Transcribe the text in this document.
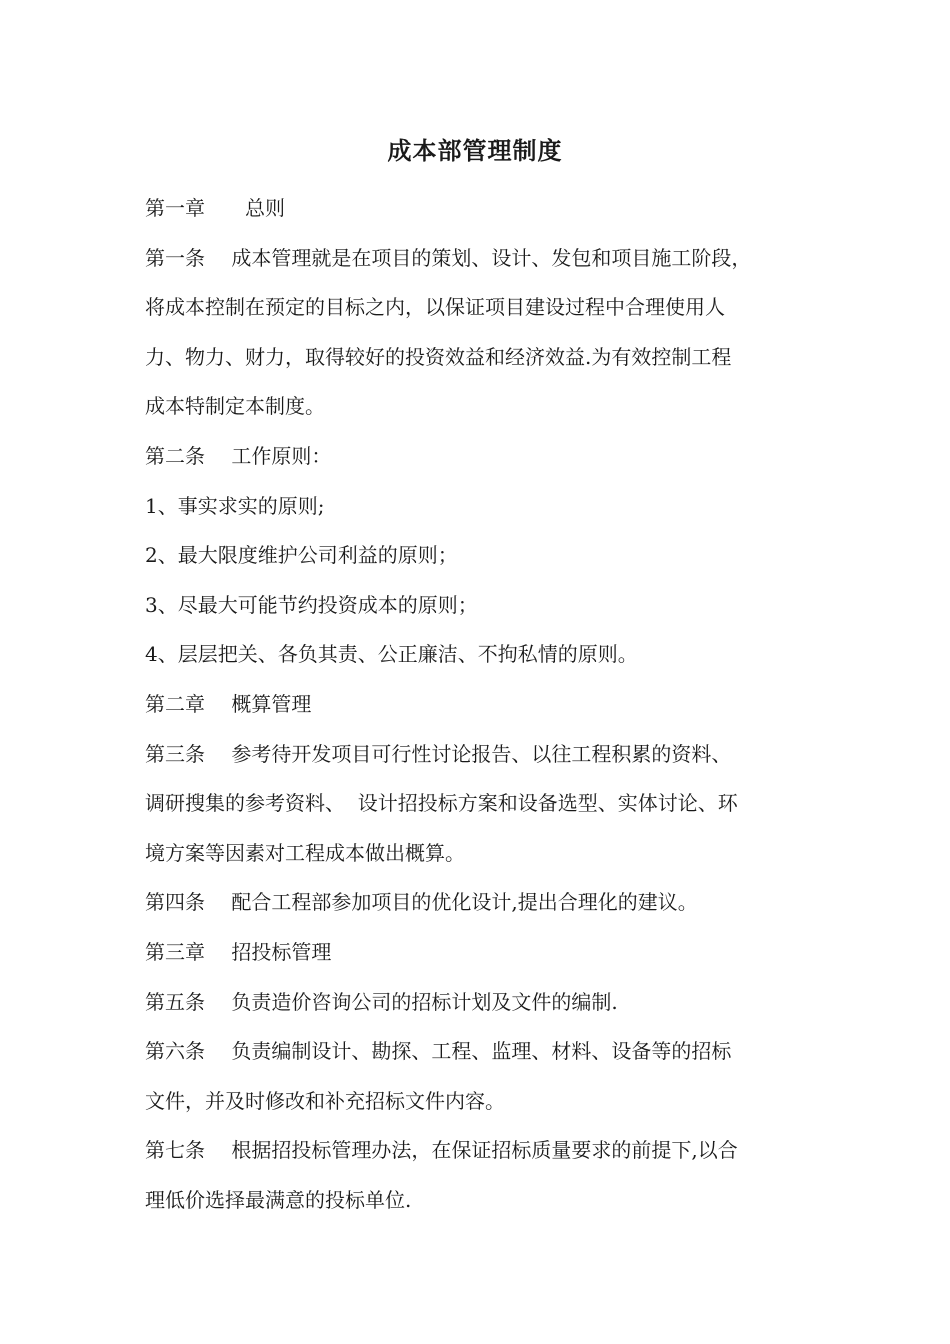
成本部管理制度
第一章　　总则
第一条　 成本管理就是在项目的策划、设计、发包和项目施工阶段，
将成本控制在预定的目标之内，以保证项目建设过程中合理使用人
力、物力、财力，取得较好的投资效益和经济效益.为有效控制工程
成本特制定本制度。
第二条　 工作原则：
1、事实求实的原则;
2、最大限度维护公司利益的原则；
3、尽最大可能节约投资成本的原则；
4、层层把关、各负其责、公正廉洁、不拘私情的原则。
第二章　 概算管理
第三条　 参考待开发项目可行性讨论报告、以往工程积累的资料、
调研搜集的参考资料、  设计招投标方案和设备选型、实体讨论、环
境方案等因素对工程成本做出概算。
第四条　 配合工程部参加项目的优化设计,提出合理化的建议。
第三章　 招投标管理
第五条　 负责造价咨询公司的招标计划及文件的编制.
第六条　 负责编制设计、勘探、工程、监理、材料、设备等的招标
文件，并及时修改和补充招标文件内容。
第七条　 根据招投标管理办法，在保证招标质量要求的前提下,以合
理低价选择最满意的投标单位.
